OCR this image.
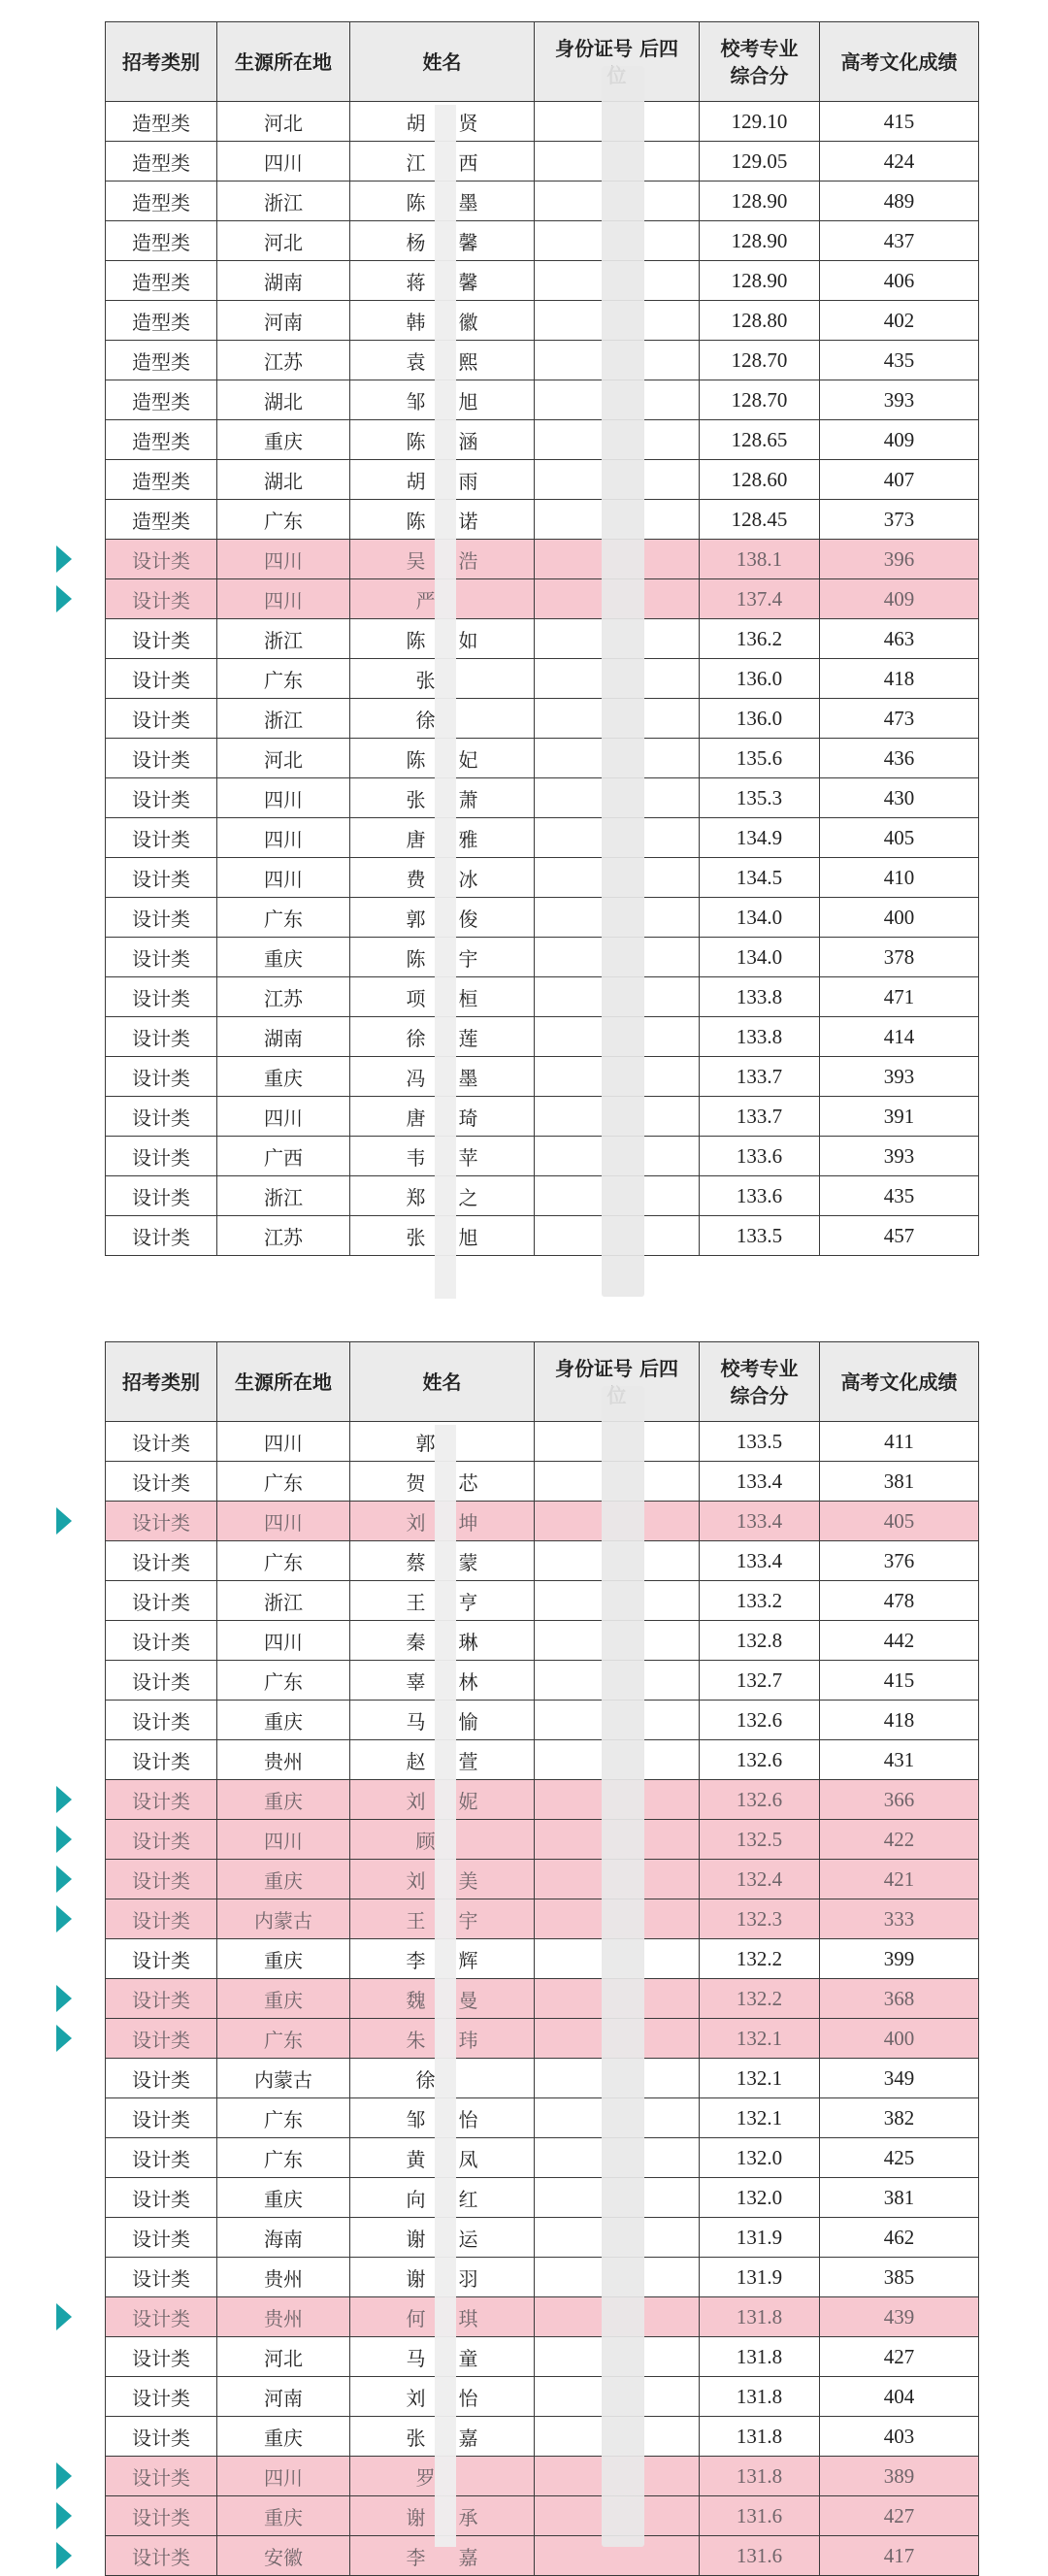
招考类别	生源所在地	姓名	身份证号 后四	校考专业 综合分	高考文化成绩
造型类	河北	胡 贤		129.10	415
造型类	四川	江 西		129.05	424
造型类	浙江	陈 墨		128.90	489
造型类	河北	杨 馨		128.90	437
造型类	湖南	蒋 馨		128.90	406
造型类	河南	韩 徽		128.80	402
造型类	江苏	袁 熙		128.70	435
造型类	湖北	邹 旭		128.70	393
造型类	重庆	陈 涵		128.65	409
造型类	湖北	胡 雨		128.60	407
造型类	广东	陈 诺		128.45	373
设计类	四川	吴 浩		138.1	396
设计类	四川	严		137.4	409
设计类	浙江	陈 如		136.2	463
设计类	广东	张		136.0	418
设计类	浙江	徐		136.0	473
设计类	河北	陈 妃		135.6	436
设计类	四川	张 萧		135.3	430
设计类	四川	唐 雅		134.9	405
设计类	四川	费 冰		134.5	410
设计类	广东	郭 俊		134.0	400
设计类	重庆	陈 宇		134.0	378
设计类	江苏	项 桓		133.8	471
设计类	湖南	徐 莲		133.8	414
设计类	重庆	冯 墨		133.7	393
设计类	四川	唐 琦		133.7	391
设计类	广西	韦 苹		133.6	393
设计类	浙江	郑 之		133.6	435
设计类	江苏	张 旭		133.5	457
招考类别	生源所在地	姓名	身份证号 后四	校考专业 综合分	高考文化成绩
设计类	四川	郭		133.5	411
设计类	广东	贺 芯		133.4	381
设计类	四川	刘 坤		133.4	405
设计类	广东	蔡 蒙		133.4	376
设计类	浙江	王 亨		133.2	478
设计类	四川	秦 琳		132.8	442
设计类	广东	辜 林		132.7	415
设计类	重庆	马 愉		132.6	418
设计类	贵州	赵 萱		132.6	431
设计类	重庆	刘 妮		132.6	366
设计类	四川	顾		132.5	422
设计类	重庆	刘 美		132.4	421
设计类	内蒙古	王 宇		132.3	333
设计类	重庆	李 辉		132.2	399
设计类	重庆	魏 曼		132.2	368
设计类	广东	朱 玮		132.1	400
设计类	内蒙古	徐		132.1	349
设计类	广东	邹 怡		132.1	382
设计类	广东	黄 凤		132.0	425
设计类	重庆	向 红		132.0	381
设计类	海南	谢 运		131.9	462
设计类	贵州	谢 羽		131.9	385
设计类	贵州	何 琪		131.8	439
设计类	河北	马 童		131.8	427
设计类	河南	刘 怡		131.8	404
设计类	重庆	张 嘉		131.8	403
设计类	四川	罗		131.8	389
设计类	重庆	谢 承		131.6	427
设计类	安徽	李 嘉		131.6	417
